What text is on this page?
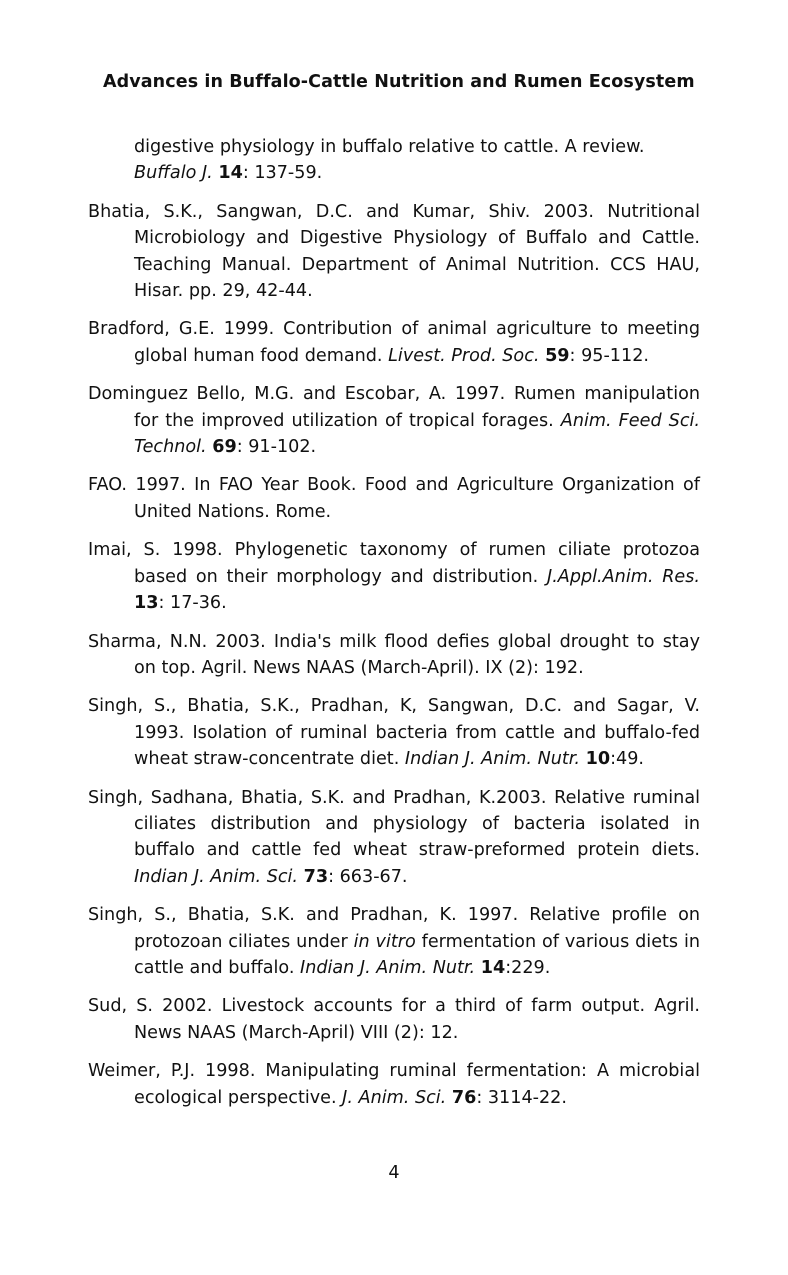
Advances in Buffalo-Cattle Nutrition and Rumen Ecosystem

digestive physiology in buffalo relative to cattle. A review.
Buffalo J. 14: 137-59.

Bhatia, S.K., Sangwan, D.C. and Kumar, Shiv. 2003. Nutritional Microbiology and Digestive Physiology of Buffalo and Cattle. Teaching Manual. Department of Animal Nutrition. CCS HAU, Hisar. pp. 29, 42-44.

Bradford, G.E. 1999. Contribution of animal agriculture to meeting global human food demand. Livest. Prod. Soc. 59: 95-112.

Dominguez Bello, M.G. and Escobar, A. 1997. Rumen manipulation for the improved utilization of tropical forages. Anim. Feed Sci. Technol. 69: 91-102.

FAO. 1997. In FAO Year Book. Food and Agriculture Organization of United Nations. Rome.

Imai, S. 1998. Phylogenetic taxonomy of rumen ciliate protozoa based on their morphology and distribution. J.Appl.Anim. Res. 13: 17-36.

Sharma, N.N. 2003. India's milk flood defies global drought to stay on top. Agril. News NAAS (March-April). IX (2): 192.

Singh, S., Bhatia, S.K., Pradhan, K, Sangwan, D.C. and Sagar, V. 1993. Isolation of ruminal bacteria from cattle and buffalo-fed wheat straw-concentrate diet. Indian J. Anim. Nutr. 10:49.

Singh, Sadhana, Bhatia, S.K. and Pradhan, K.2003. Relative ruminal ciliates distribution and physiology of bacteria isolated in buffalo and cattle fed wheat straw-preformed protein diets. Indian J. Anim. Sci. 73: 663-67.

Singh, S., Bhatia, S.K. and Pradhan, K. 1997. Relative profile on protozoan ciliates under in vitro fermentation of various diets in cattle and buffalo. Indian J. Anim. Nutr. 14:229.

Sud, S. 2002. Livestock accounts for a third of farm output. Agril. News NAAS (March-April) VIII (2): 12.

Weimer, P.J. 1998. Manipulating ruminal fermentation: A microbial ecological perspective. J. Anim. Sci. 76: 3114-22.

4
